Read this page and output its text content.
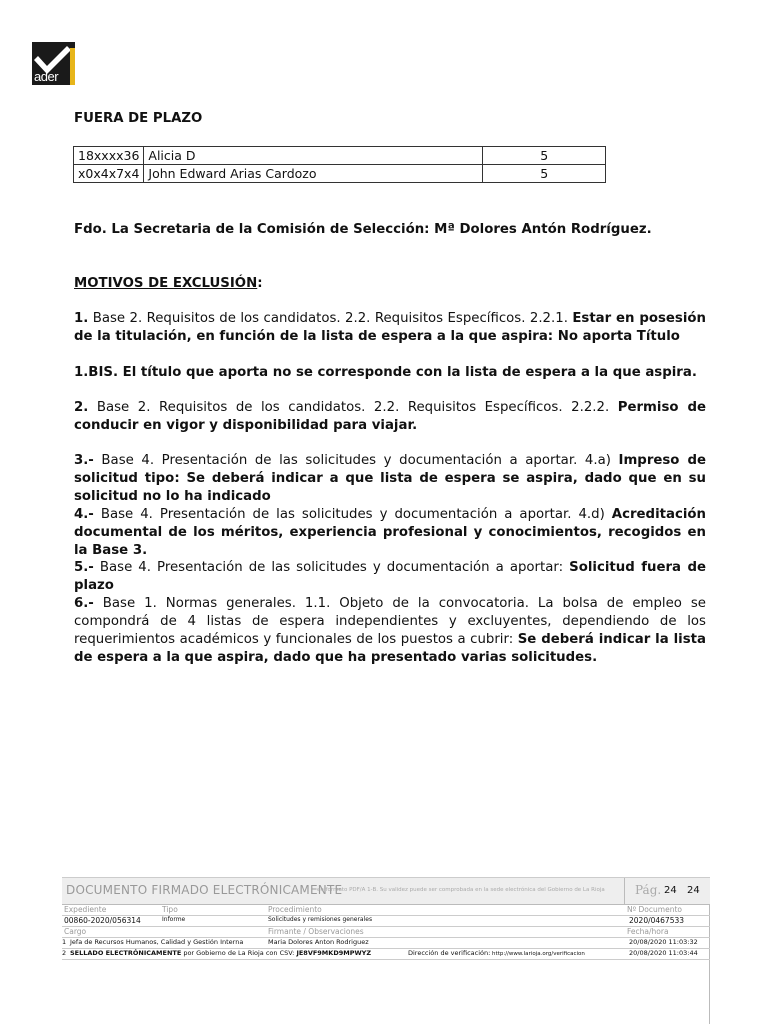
ader
FUERA DE PLAZO
18xxxx36	Alicia D	5
x0x4x7x4	John Edward Arias Cardozo	5
Fdo. La Secretaria de la Comisión de Selección: Mª Dolores Antón Rodríguez.
MOTIVOS DE EXCLUSIÓN:
1. Base 2. Requisitos de los candidatos. 2.2. Requisitos Específicos. 2.2.1. Estar en posesión de la titulación, en función de la lista de espera a la que aspira: No aporta Título
1.BIS. El título que aporta no se corresponde con la lista de espera a la que aspira.
2. Base 2. Requisitos de los candidatos. 2.2. Requisitos Específicos. 2.2.2. Permiso de conducir en vigor y disponibilidad para viajar.
3.- Base 4. Presentación de las solicitudes y documentación a aportar. 4.a) Impreso de solicitud tipo: Se deberá indicar a que lista de espera se aspira, dado que en su solicitud no lo ha indicado
4.- Base 4. Presentación de las solicitudes y documentación a aportar. 4.d) Acreditación documental de los méritos, experiencia profesional y conocimientos, recogidos en la Base 3.
5.- Base 4. Presentación de las solicitudes y documentación a aportar: Solicitud fuera de plazo
6.- Base 1. Normas generales. 1.1. Objeto de la convocatoria. La bolsa de empleo se compondrá de 4 listas de espera independientes y excluyentes, dependiendo de los requerimientos académicos y funcionales de los puestos a cubrir: Se deberá indicar la lista de espera a la que aspira, dado que ha presentado varias solicitudes.
DOCUMENTO FIRMADO ELECTRÓNICAMENTE
en formato PDF/A 1-B. Su validez puede ser comprobada en la sede electrónica del Gobierno de La Rioja	Pág. 24 24
Expediente	Tipo	Procedimiento	Nº Documento
00860-2020/056314	Informe	Solicitudes y remisiones generales	2020/0467533
Cargo	Firmante / Observaciones	Fecha/hora
1 Jefa de Recursos Humanos, Calidad y Gestión Interna	Maria Dolores Anton Rodriguez	20/08/2020 11:03:32
2 SELLADO ELECTRÓNICAMENTE por Gobierno de La Rioja con CSV: JE8VF9MKD9MPWYZ	Dirección de verificación: http://www.larioja.org/verificacion	20/08/2020 11:03:44
